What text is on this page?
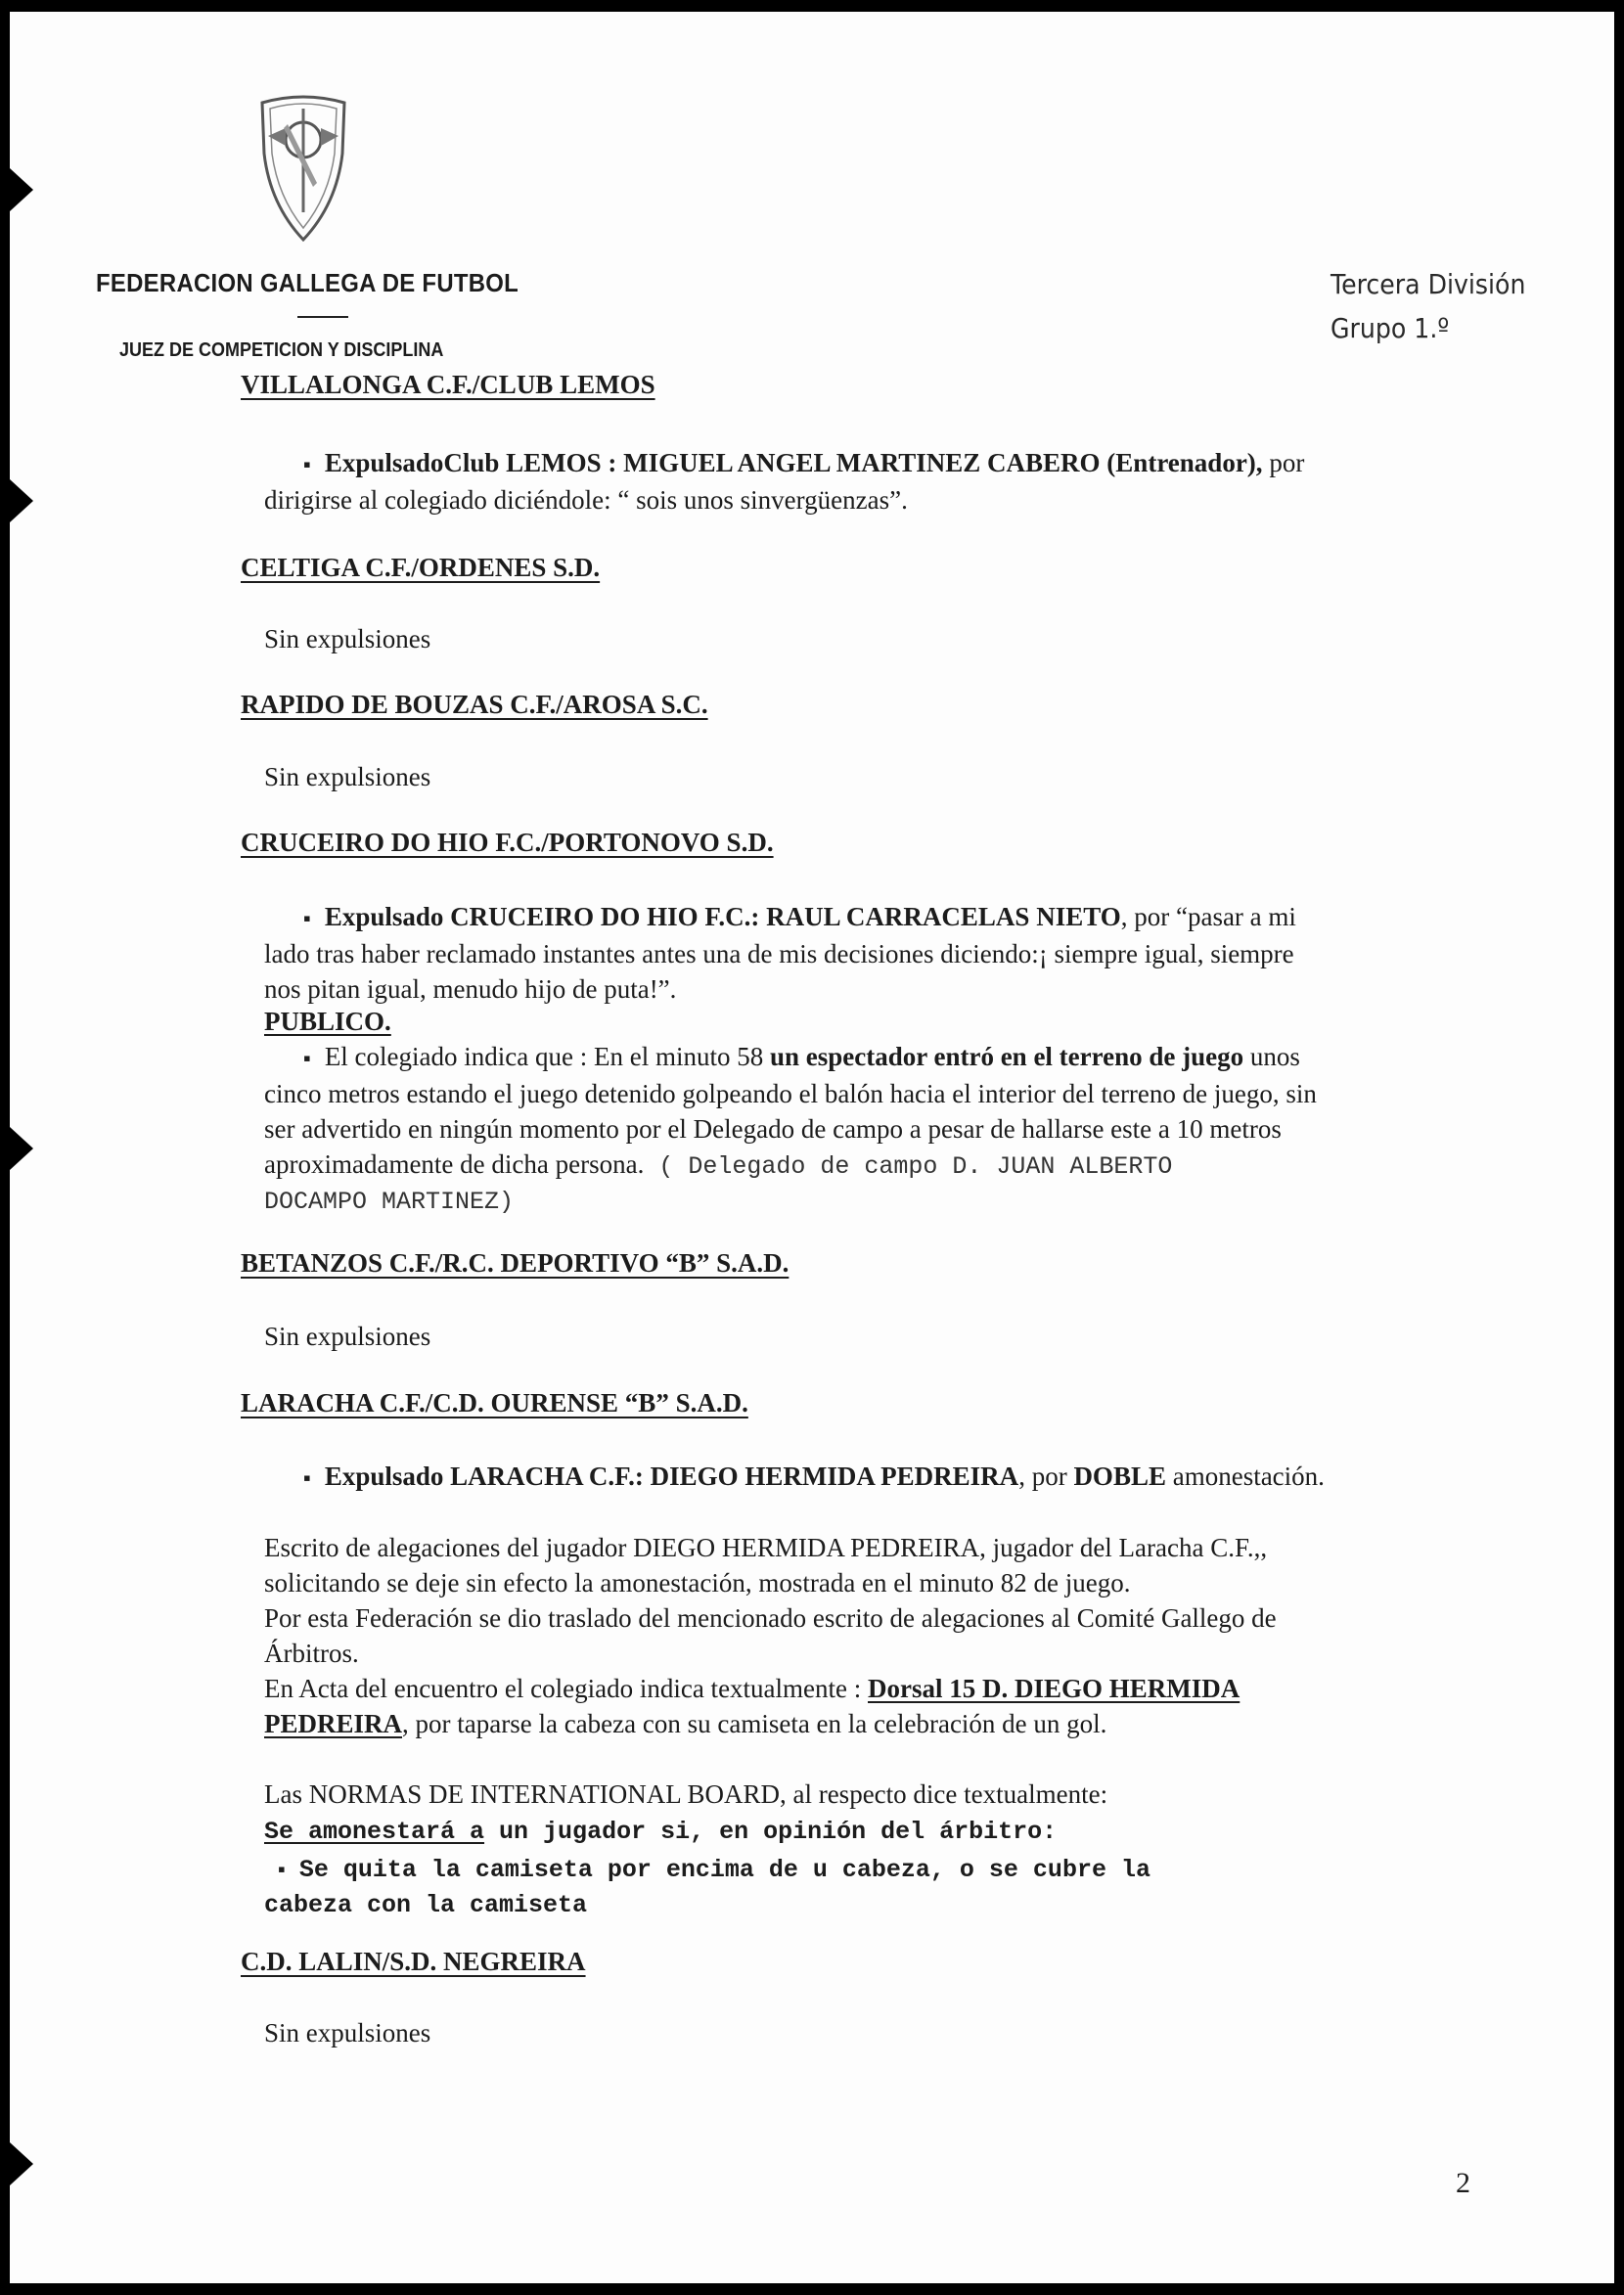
FEDERACION GALLEGA DE FUTBOL
JUEZ DE COMPETICION Y DISCIPLINA
Tercera División
Grupo 1.º
VILLALONGA C.F./CLUB LEMOS
▪ ExpulsadoClub LEMOS : MIGUEL ANGEL MARTINEZ CABERO (Entrenador), por
dirigirse al colegiado diciéndole: “ sois unos sinvergüenzas”.
CELTIGA C.F./ORDENES S.D.
Sin expulsiones
RAPIDO DE BOUZAS C.F./AROSA S.C.
Sin expulsiones
CRUCEIRO DO HIO F.C./PORTONOVO S.D.
▪ Expulsado CRUCEIRO DO HIO F.C.: RAUL CARRACELAS NIETO, por “pasar a mi
lado tras haber reclamado instantes antes una de mis decisiones diciendo:¡ siempre igual, siempre
nos pitan igual, menudo hijo de puta!”.
PUBLICO.
▪ El colegiado indica que : En el minuto 58 un espectador entró en el terreno de juego unos
cinco metros estando el juego detenido golpeando el balón hacia el interior del terreno de juego, sin
ser advertido en ningún momento por el Delegado de campo a pesar de hallarse este a 10 metros
aproximadamente de dicha persona. ( Delegado de campo D. JUAN ALBERTO
DOCAMPO MARTINEZ)
BETANZOS C.F./R.C. DEPORTIVO “B” S.A.D.
Sin expulsiones
LARACHA C.F./C.D. OURENSE “B” S.A.D.
▪ Expulsado LARACHA C.F.: DIEGO HERMIDA PEDREIRA, por DOBLE amonestación.
Escrito de alegaciones del jugador DIEGO HERMIDA PEDREIRA, jugador del Laracha C.F.,,
solicitando se deje sin efecto la amonestación, mostrada en el minuto 82 de juego.
Por esta Federación se dio traslado del mencionado escrito de alegaciones al Comité Gallego de
Árbitros.
En Acta del encuentro el colegiado indica textualmente : Dorsal 15 D. DIEGO HERMIDA
PEDREIRA, por taparse la cabeza con su camiseta en la celebración de un gol.
Las NORMAS DE INTERNATIONAL BOARD, al respecto dice textualmente:
Se amonestará a un jugador si, en opinión del árbitro:
▪ Se quita la camiseta por encima de u cabeza, o se cubre la
cabeza con la camiseta
C.D. LALIN/S.D. NEGREIRA
Sin expulsiones
2
